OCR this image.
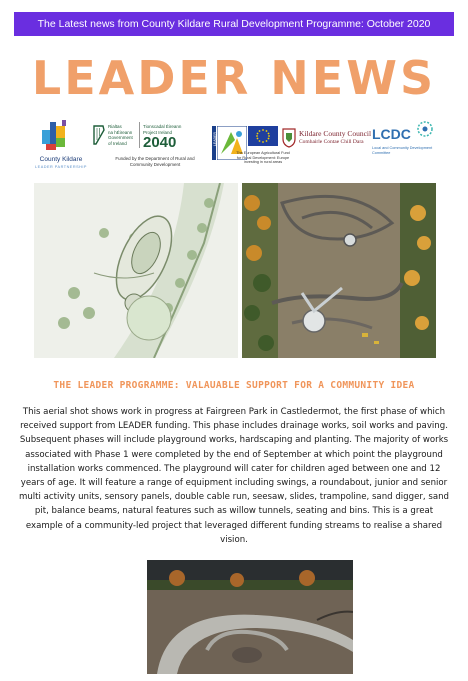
The Latest news from County Kildare Rural Development Programme: October 2020
LEADER NEWS
County Kildare
LEADER PARTNERSHIP
Rialtas
na hÉireann
Government
of Ireland
Tionscadal Éireann
Project Ireland
2040
Funded by the Department of Rural and Community Development
LEADER
The European Agricultural Fund for Rural Development: Europe investing in rural areas
Kildare County Council
Comhairle Contae Chill Dara LCDC
Local and Community Development Committee
THE LEADER PROGRAMME: VALAUABLE SUPPORT FOR A COMMUNITY IDEA
This aerial shot shows work in progress at Fairgreen Park in Castledermot, the first phase of which received support from LEADER funding. This phase includes drainage works, soil works and paving. Subsequent phases will include playground works, hardscaping and planting. The majority of works associated with Phase 1 were completed by the end of September at which point the playground installation works commenced. The playground will cater for children aged between one and 12 years of age. It will feature a range of equipment including swings, a roundabout, junior and senior multi activity units, sensory panels, double cable run, seesaw, slides, trampoline, sand digger, sand pit, balance beams, natural features such as willow tunnels, seating and bins. This is a great example of a community-led project that leveraged different funding streams to realise a shared vision.
